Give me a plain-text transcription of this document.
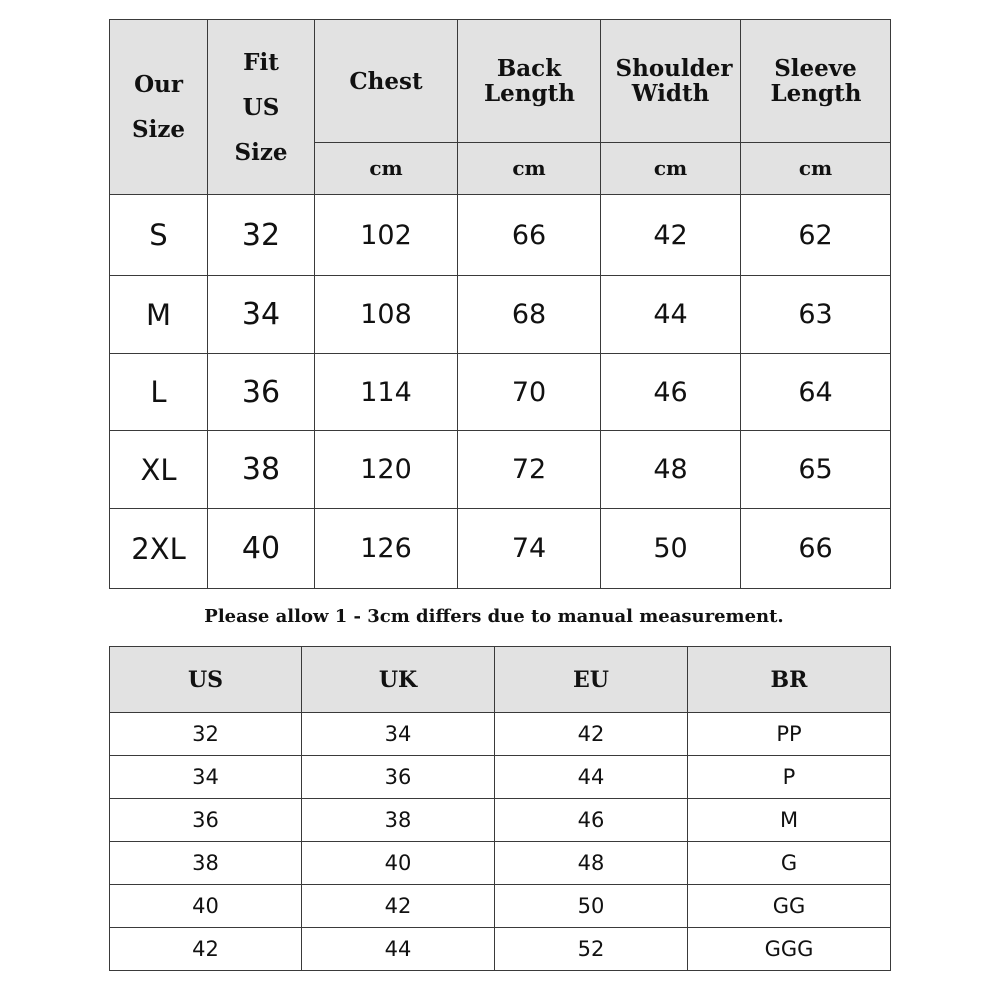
Our Size	Fit US Size	Chest	Back Length	Shoulder Width	Sleeve Length
		cm	cm	cm	cm
S	32	102	66	42	62
M	34	108	68	44	63
L	36	114	70	46	64
XL	38	120	72	48	65
2XL	40	126	74	50	66
Please allow 1 - 3cm differs due to manual measurement.
US	UK	EU	BR
32	34	42	PP
34	36	44	P
36	38	46	M
38	40	48	G
40	42	50	GG
42	44	52	GGG
